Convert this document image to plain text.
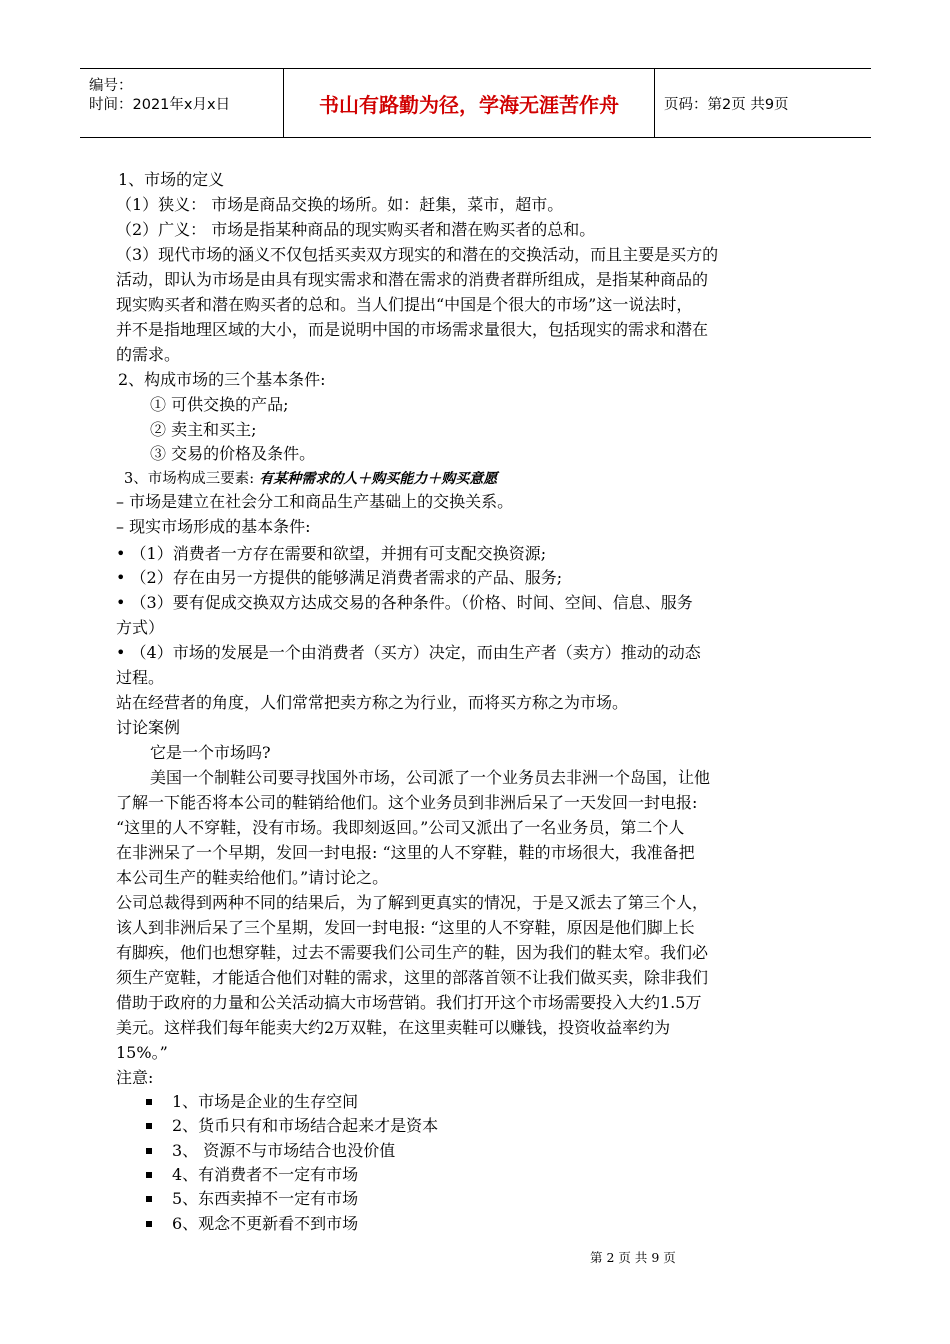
编号：
时间：2021年x月x日	书山有路勤为径，学海无涯苦作舟	页码：第2页 共9页
1、市场的定义
（1）狭义： 市场是商品交换的场所。如：赶集，菜市，超市。
（2）广义： 市场是指某种商品的现实购买者和潜在购买者的总和。
（3）现代市场的涵义不仅包括买卖双方现实的和潜在的交换活动，而且主要是买方的
活动，即认为市场是由具有现实需求和潜在需求的消费者群所组成，是指某种商品的
现实购买者和潜在购买者的总和。当人们提出“中国是个很大的市场”这一说法时，
并不是指地理区域的大小，而是说明中国的市场需求量很大，包括现实的需求和潜在
的需求。
2、构成市场的三个基本条件:
① 可供交换的产品;
② 卖主和买主;
③ 交易的价格及条件。
3、市场构成三要素: 有某种需求的人＋购买能力＋购买意愿
– 市场是建立在社会分工和商品生产基础上的交换关系。
– 现实市场形成的基本条件:
• （1）消费者一方存在需要和欲望，并拥有可支配交换资源;
• （2）存在由另一方提供的能够满足消费者需求的产品、服务;
• （3）要有促成交换双方达成交易的各种条件。（价格、时间、空间、信息、服务
方式）
• （4）市场的发展是一个由消费者（买方）决定，而由生产者（卖方）推动的动态
过程。
站在经营者的角度，人们常常把卖方称之为行业，而将买方称之为市场。
讨论案例
它是一个市场吗?
美国一个制鞋公司要寻找国外市场，公司派了一个业务员去非洲一个岛国，让他
了解一下能否将本公司的鞋销给他们。这个业务员到非洲后呆了一天发回一封电报:
“这里的人不穿鞋，没有市场。我即刻返回。”公司又派出了一名业务员，第二个人
在非洲呆了一个早期，发回一封电报: “这里的人不穿鞋，鞋的市场很大，我准备把
本公司生产的鞋卖给他们。”请讨论之。
公司总裁得到两种不同的结果后，为了解到更真实的情况，于是又派去了第三个人，
该人到非洲后呆了三个星期，发回一封电报: “这里的人不穿鞋，原因是他们脚上长
有脚疾，他们也想穿鞋，过去不需要我们公司生产的鞋，因为我们的鞋太窄。我们必
须生产宽鞋，才能适合他们对鞋的需求，这里的部落首领不让我们做买卖，除非我们
借助于政府的力量和公关活动搞大市场营销。我们打开这个市场需要投入大约1.5万
美元。这样我们每年能卖大约2万双鞋，在这里卖鞋可以赚钱，投资收益率约为
15%。”
注意:
1、市场是企业的生存空间
2、货币只有和市场结合起来才是资本
3、 资源不与市场结合也没价值
4、有消费者不一定有市场
5、东西卖掉不一定有市场
6、观念不更新看不到市场
第 2 页 共 9 页
